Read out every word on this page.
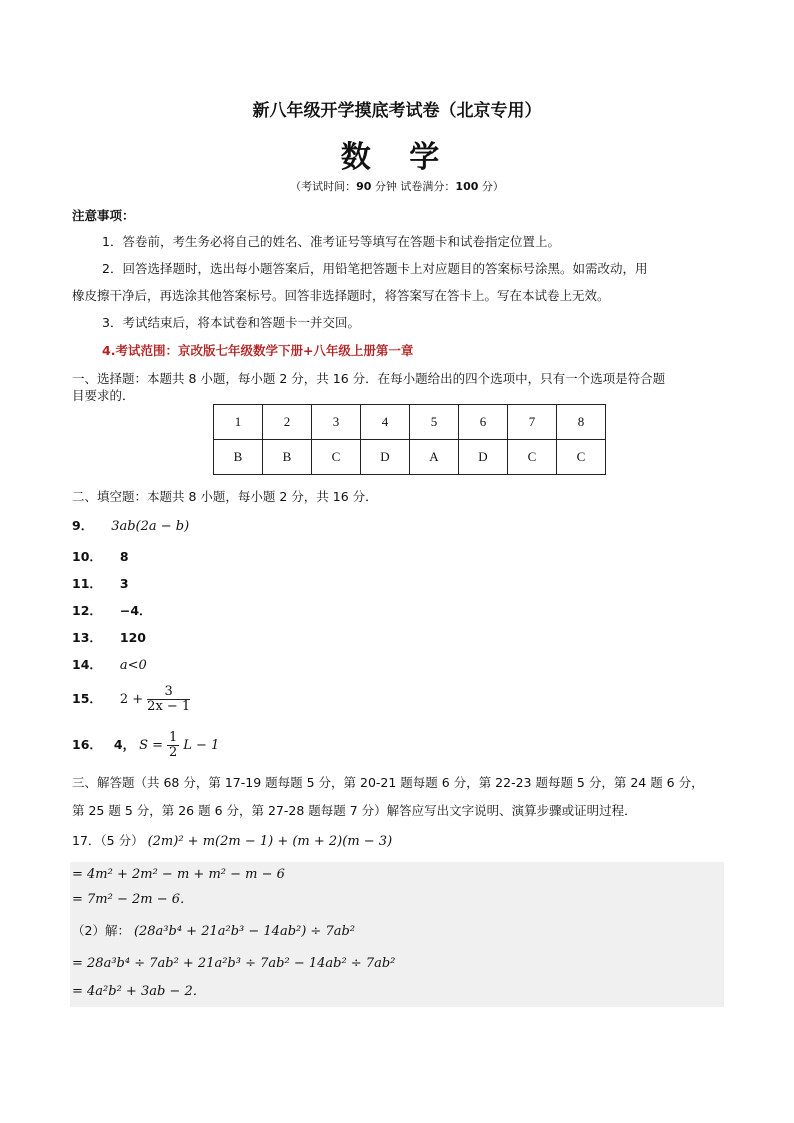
新八年级开学摸底考试卷（北京专用）
数 学
（考试时间：90 分钟 试卷满分：100 分）
注意事项：
1．答卷前，考生务必将自己的姓名、准考证号等填写在答题卡和试卷指定位置上。
2．回答选择题时，选出每小题答案后，用铅笔把答题卡上对应题目的答案标号涂黑。如需改动，用
橡皮擦干净后，再选涂其他答案标号。回答非选择题时，将答案写在答卡上。写在本试卷上无效。
3．考试结束后，将本试卷和答题卡一并交回。
4.考试范围：京改版七年级数学下册+八年级上册第一章
一、选择题：本题共 8 小题，每小题 2 分，共 16 分．在每小题给出的四个选项中，只有一个选项是符合题
目要求的．
1	2	3	4	5	6	7	8
B	B	C	D	A	D	C	C
二、填空题：本题共 8 小题，每小题 2 分，共 16 分．
9． 3ab(2a − b)
10． 8
11． 3
12． −4．
13． 120
14． a<0
15． $2 + \frac{3}{2x - 1}$
16． 4， $S = \frac{1}{2}$ L − 1
三、解答题（共 68 分，第 17-19 题每题 5 分，第 20-21 题每题 6 分，第 22-23 题每题 5 分，第 24 题 6 分，
第 25 题 5 分，第 26 题 6 分，第 27-28 题每题 7 分）解答应写出文字说明、演算步骤或证明过程．
17．（5 分） (2m)² + m(2m − 1) + (m + 2)(m − 3)
= 4m² + 2m² − m + m² − m − 6
= 7m² − 2m − 6．
（2）解： (28a³b⁴ + 21a²b³ − 14ab²) ÷ 7ab²
= 28a³b⁴ ÷ 7ab² + 21a²b³ ÷ 7ab² − 14ab² ÷ 7ab²
= 4a²b² + 3ab − 2．
